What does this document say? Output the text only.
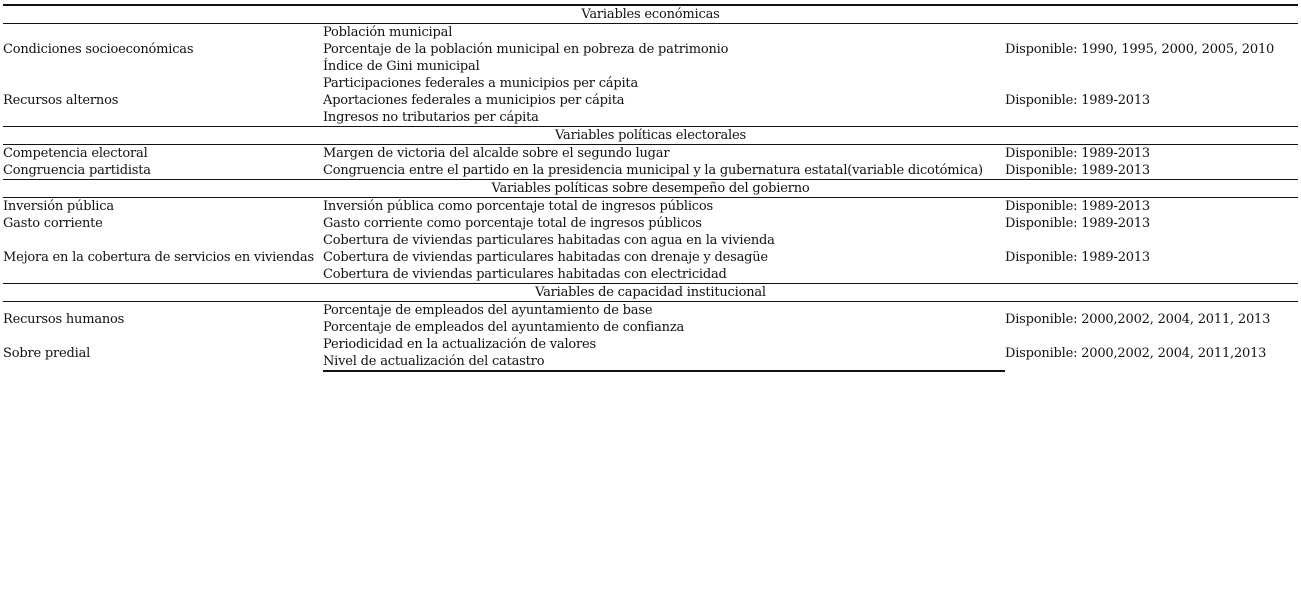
Variables económicas		
Condiciones socioeconómicas	Población municipal	Disponible: 1990, 1995, 2000, 2005, 2010
	Porcentaje de la población municipal en pobreza de patrimonio	
	Índice de Gini municipal	
Recursos alternos	Participaciones federales a municipios per cápita	Disponible: 1989-2013
	Aportaciones federales a municipios per cápita	
	Ingresos no tributarios per cápita	
Variables políticas electorales		
Competencia electoral	Margen de victoria del alcalde sobre el segundo lugar	Disponible: 1989-2013
Congruencia partidista	Congruencia entre el partido en la presidencia municipal y la gubernatura estatal(variable dicotómica)	Disponible: 1989-2013
Variables políticas sobre desempeño del gobierno		
Inversión pública	Inversión pública como porcentaje total de ingresos públicos	Disponible: 1989-2013
Gasto corriente	Gasto corriente como porcentaje total de ingresos públicos	Disponible: 1989-2013
Mejora en la cobertura de servicios en viviendas	Cobertura de viviendas particulares habitadas con agua en la vivienda	Disponible: 1989-2013
	Cobertura de viviendas particulares habitadas con drenaje y desagüe	
	Cobertura de viviendas particulares habitadas con electricidad	
Variables de capacidad institucional		
Recursos humanos	Porcentaje de empleados del ayuntamiento de base	Disponible: 2000,2002, 2004, 2011, 2013
	Porcentaje de empleados del ayuntamiento de confianza	
Sobre predial	Periodicidad en la actualización de valores	Disponible: 2000,2002, 2004, 2011,2013
	Nivel de actualización del catastro	
